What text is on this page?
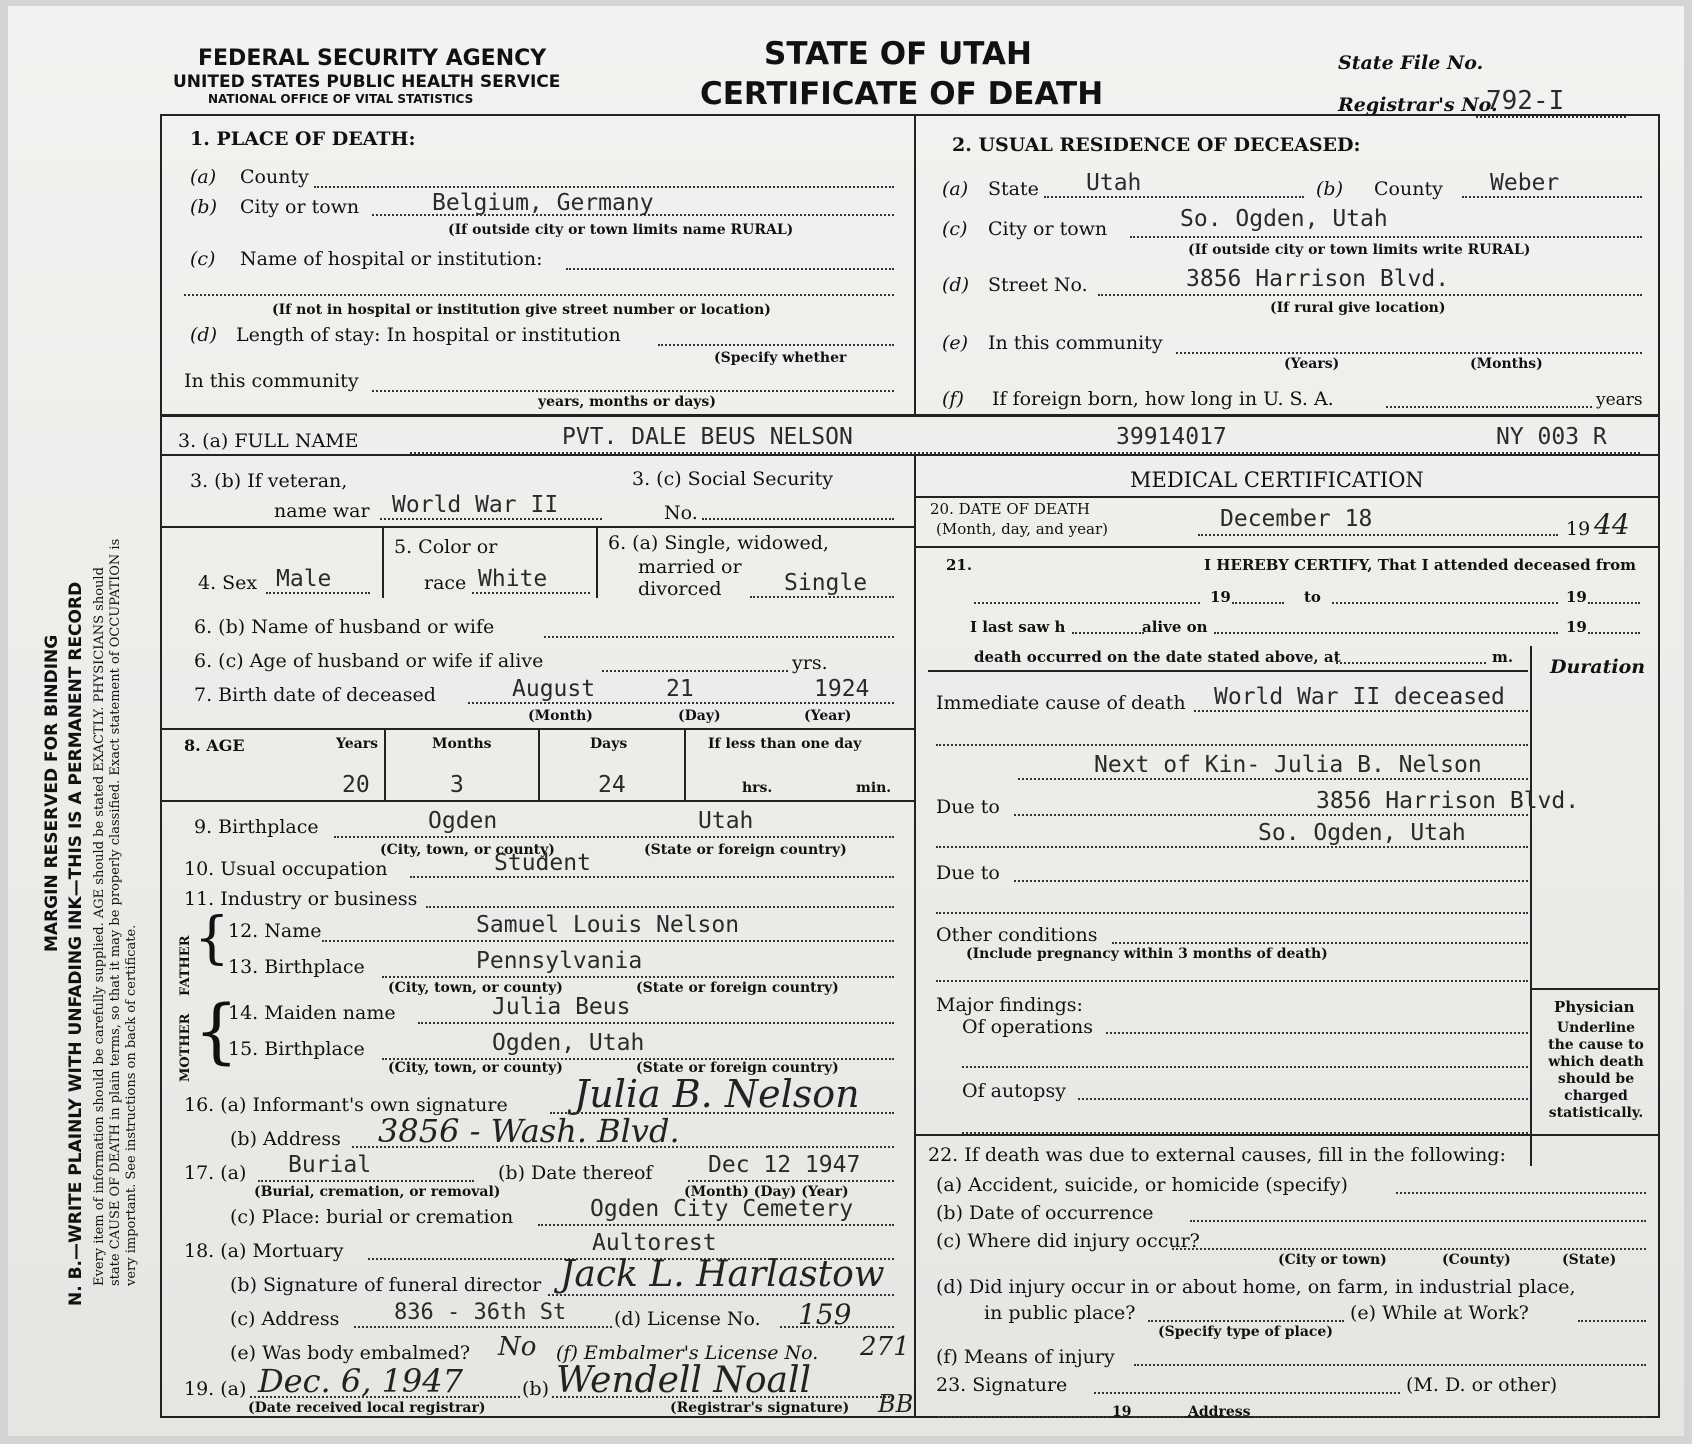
FEDERAL SECURITY AGENCY
UNITED STATES PUBLIC HEALTH SERVICE
NATIONAL OFFICE OF VITAL STATISTICS
STATE OF UTAH
CERTIFICATE OF DEATH
State File No.
Registrar's No.
792-I
MARGIN RESERVED FOR BINDING N. B.—WRITE PLAINLY WITH UNFADING INK—THIS IS A PERMANENT RECORD Every item of information should be carefully supplied. AGE should be stated EXACTLY. PHYSICIANS should state CAUSE OF DEATH in plain terms, so that it may be properly classified. Exact statement of OCCUPATION is very important. See instructions on back of certificate.
1. PLACE OF DEATH:
(a) County
(b) City or town	Belgium, Germany
(If outside city or town limits name RURAL)
(c) Name of hospital or institution:
(If not in hospital or institution give street number or location)
(d) Length of stay: In hospital or institution
(Specify whether
In this community
years, months or days)
2. USUAL RESIDENCE OF DECEASED:
(a) State Utah	(b) County Weber
(c) City or town	So. Ogden, Utah
(If outside city or town limits write RURAL)
(d) Street No.	3856 Harrison Blvd.
(If rural give location)
(e) In this community
(Years)	(Months)
(f) If foreign born, how long in U. S. A.	years
3. (a) FULL NAME	PVT. DALE BEUS NELSON	39914017	NY 003 R
3. (b) If veteran,
name war World War II
3. (c) Social Security
No.
4. Sex Male
5. Color or
race White
6. (a) Single, widowed,
married or
divorced	Single
6. (b) Name of husband or wife
6. (c) Age of husband or wife if alive	yrs.
7. Birth date of deceased	August	21	1924
(Month)	(Day)	(Year)
8. AGE	Years	Months	Days	If less than one day
20	3	24	hrs.	min.
9. Birthplace	Ogden	Utah
(City, town, or county)	(State or foreign country)
10. Usual occupation	Student
11. Industry or business
FATHER {
12. Name	Samuel Louis Nelson
13. Birthplace	Pennsylvania
(City, town, or county)	(State or foreign country)
MOTHER {
14. Maiden name	Julia Beus
15. Birthplace	Ogden, Utah
(City, town, or county)	(State or foreign country)
16. (a) Informant's own signature Julia B. Nelson
(b) Address 3856 - Wash. Blvd.
17. (a) Burial
(Burial, cremation, or removal)
(b) Date thereof Dec 12 1947
(Month) (Day) (Year)
(c) Place: burial or cremation	Ogden City Cemetery
18. (a) Mortuary	Aultorest
(b) Signature of funeral director Jack L. Harlastow
(c) Address 836 - 36th St	(d) License No. 159
(e) Was body embalmed? No (f) Embalmer's License No. 271
19. (a) Dec. 6, 1947
(Date received local registrar)
(b) Wendell Noall
(Registrar's signature) BB
MEDICAL CERTIFICATION
20. DATE OF DEATH
(Month, day, and year)	December 18	19 44
21.	I HEREBY CERTIFY, That I attended deceased from
19	to	19
I last saw h	alive on	19
death occurred on the date stated above, at	m. Duration
Immediate cause of death World War II deceased
Next of Kin- Julia B. Nelson
Due to	3856 Harrison Blvd.
So. Ogden, Utah
Due to
Other conditions
(Include pregnancy within 3 months of death)
Major findings:
Of operations
Of autopsy
Physician
Underline the cause to which death should be charged statistically.
22. If death was due to external causes, fill in the following:
(a) Accident, suicide, or homicide (specify)
(b) Date of occurrence
(c) Where did injury occur?
(City or town)	(County)	(State)
(d) Did injury occur in or about home, on farm, in industrial place,
in public place?
(Specify type of place)
(e) While at Work?
(f) Means of injury
23. Signature	(M. D. or other)
19	Address
